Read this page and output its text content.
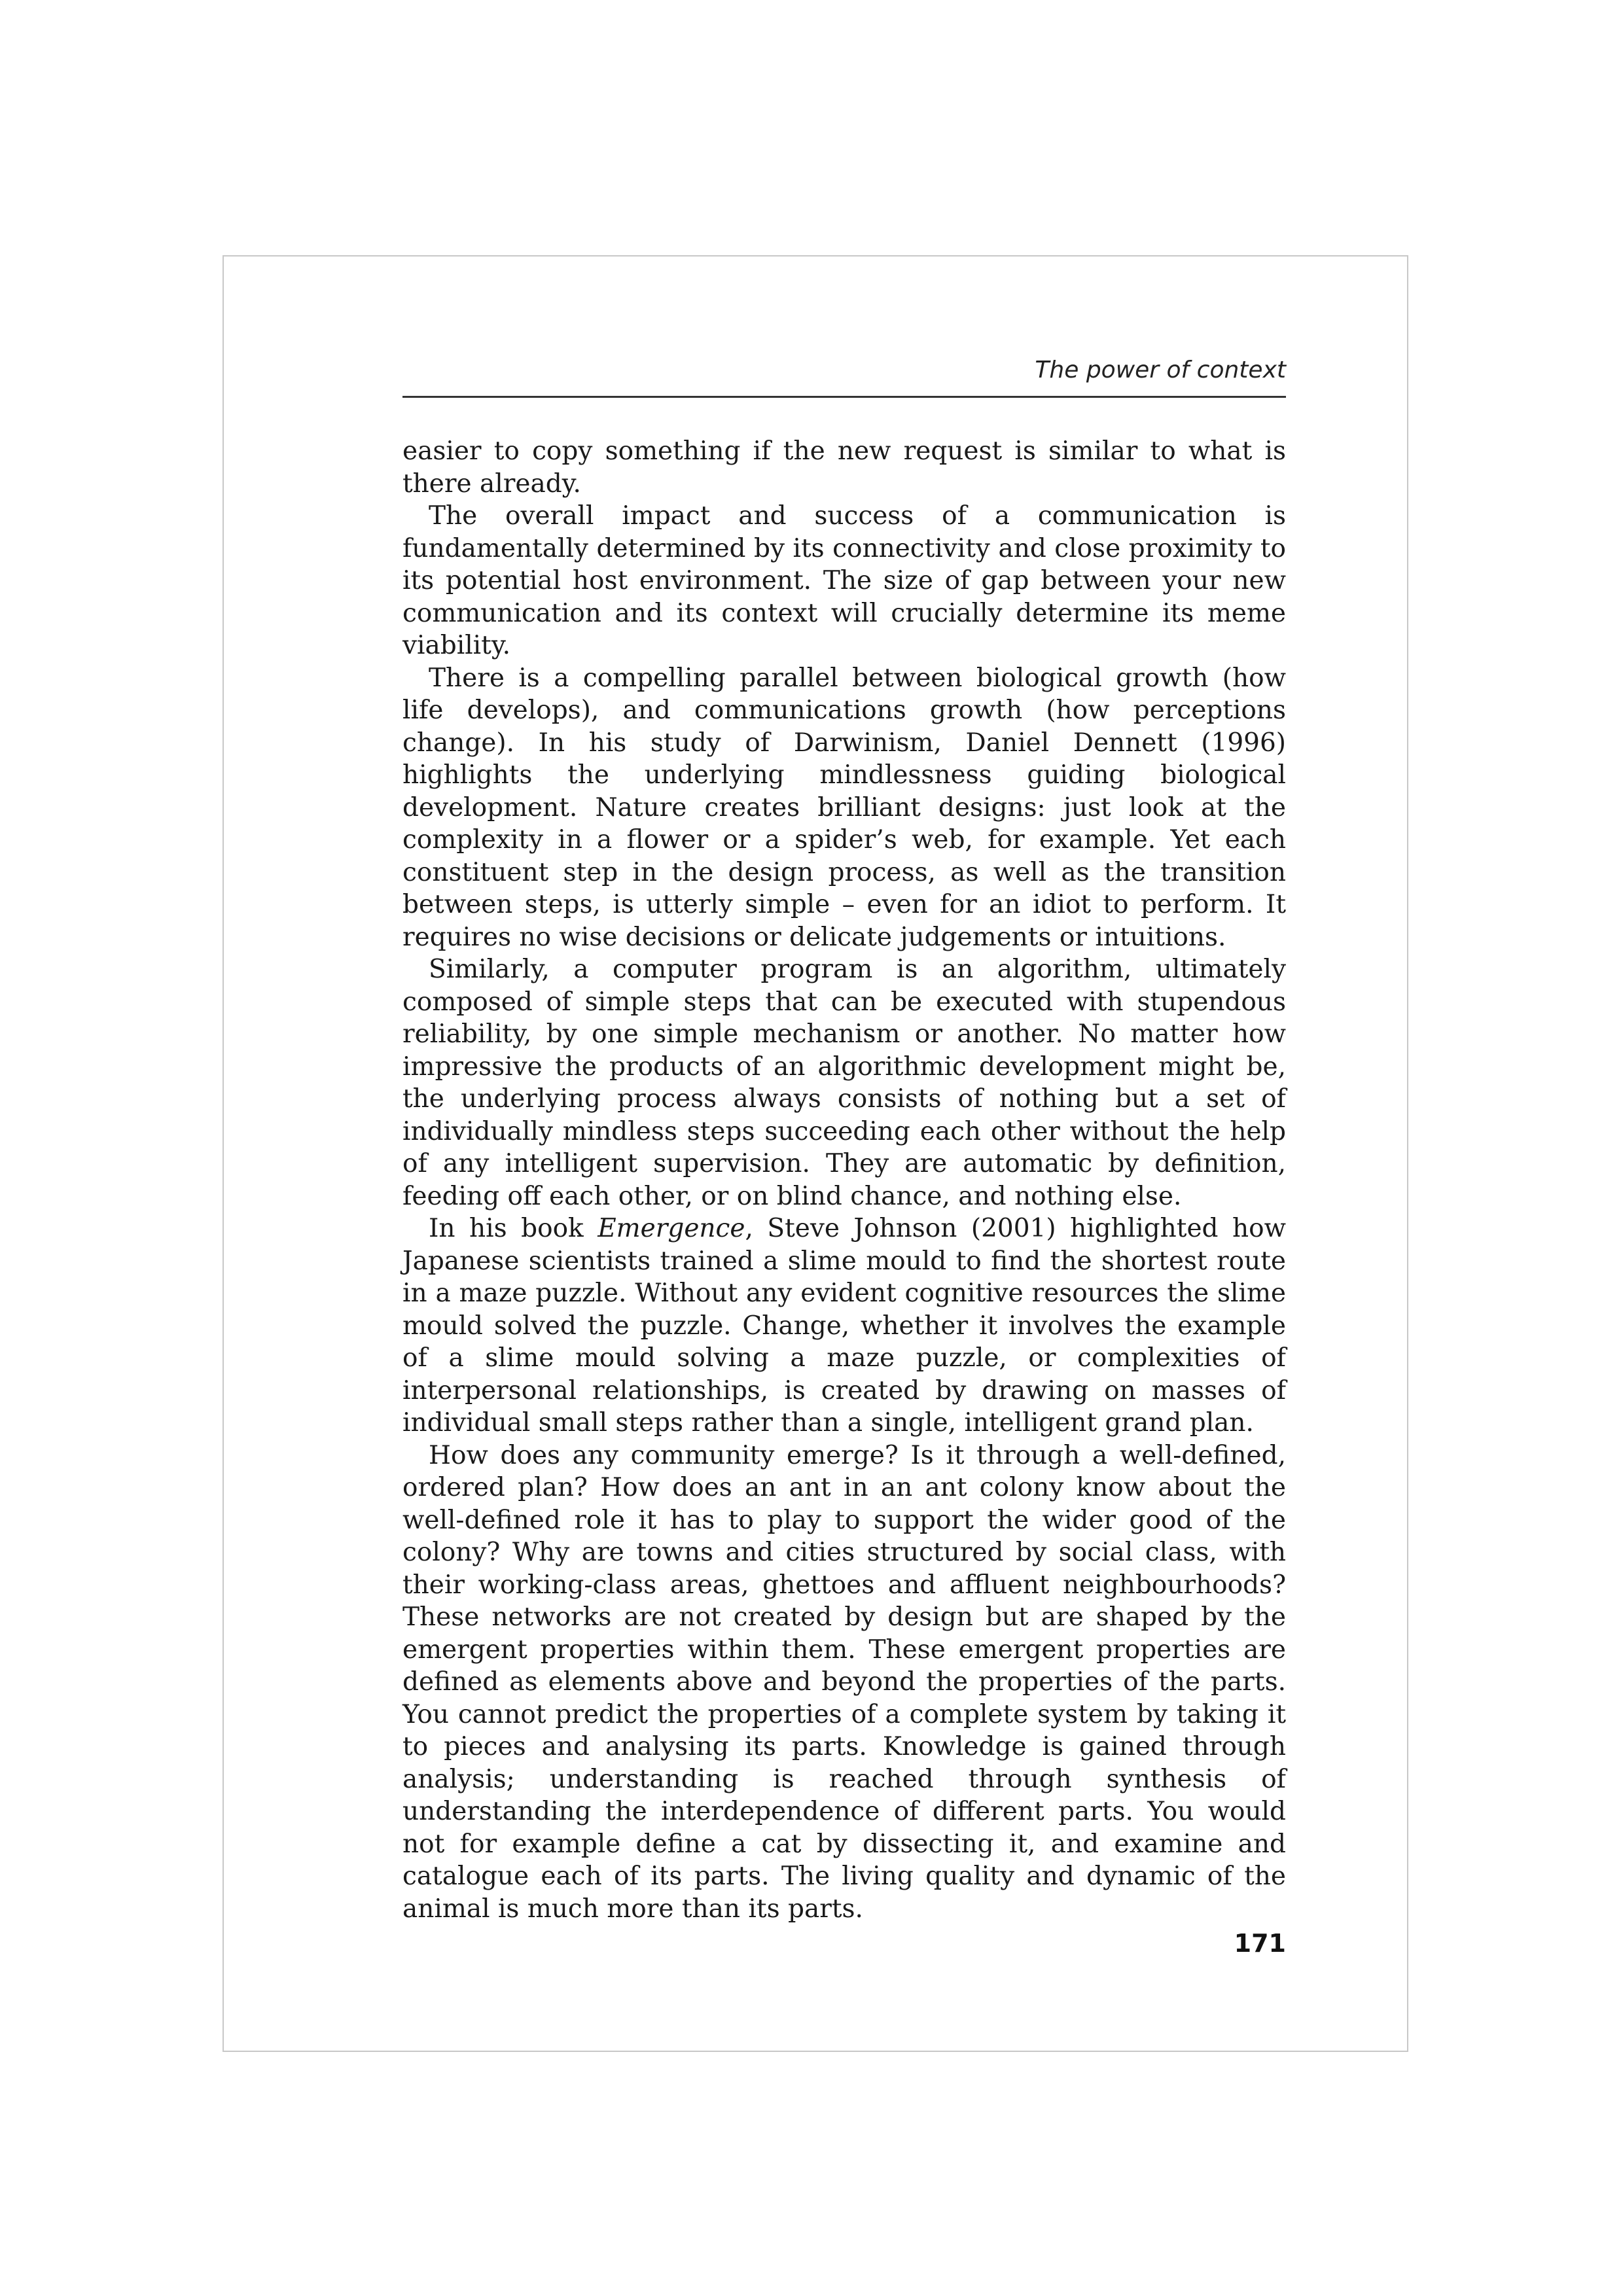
The power of context

easier to copy something if the new request is similar to what is there already.

The overall impact and success of a communication is fundamentally determined by its connectivity and close proximity to its potential host environment. The size of gap between your new communication and its context will crucially determine its meme viability.

There is a compelling parallel between biological growth (how life develops), and communications growth (how perceptions change). In his study of Darwinism, Daniel Dennett (1996) highlights the underlying mindlessness guiding biological development. Nature creates brilliant designs: just look at the complexity in a flower or a spider’s web, for example. Yet each constituent step in the design process, as well as the transition between steps, is utterly simple – even for an idiot to perform. It requires no wise decisions or delicate judgements or intuitions.

Similarly, a computer program is an algorithm, ultimately composed of simple steps that can be executed with stupendous reliability, by one simple mechanism or another. No matter how impressive the products of an algorithmic development might be, the underlying process always consists of nothing but a set of individually mindless steps succeeding each other without the help of any intelligent supervision. They are automatic by definition, feeding off each other, or on blind chance, and nothing else.

In his book Emergence, Steve Johnson (2001) highlighted how Japanese scientists trained a slime mould to find the shortest route in a maze puzzle. Without any evident cognitive resources the slime mould solved the puzzle. Change, whether it involves the example of a slime mould solving a maze puzzle, or complexities of interpersonal relationships, is created by drawing on masses of individual small steps rather than a single, intelligent grand plan.

How does any community emerge? Is it through a well-defined, ordered plan? How does an ant in an ant colony know about the well-defined role it has to play to support the wider good of the colony? Why are towns and cities structured by social class, with their working-class areas, ghettoes and affluent neighbourhoods? These networks are not created by design but are shaped by the emergent properties within them. These emergent properties are defined as elements above and beyond the properties of the parts. You cannot predict the properties of a complete system by taking it to pieces and analysing its parts. Knowledge is gained through analysis; understanding is reached through synthesis of understanding the interdependence of different parts. You would not for example define a cat by dissecting it, and examine and catalogue each of its parts. The living quality and dynamic of the animal is much more than its parts.

171
